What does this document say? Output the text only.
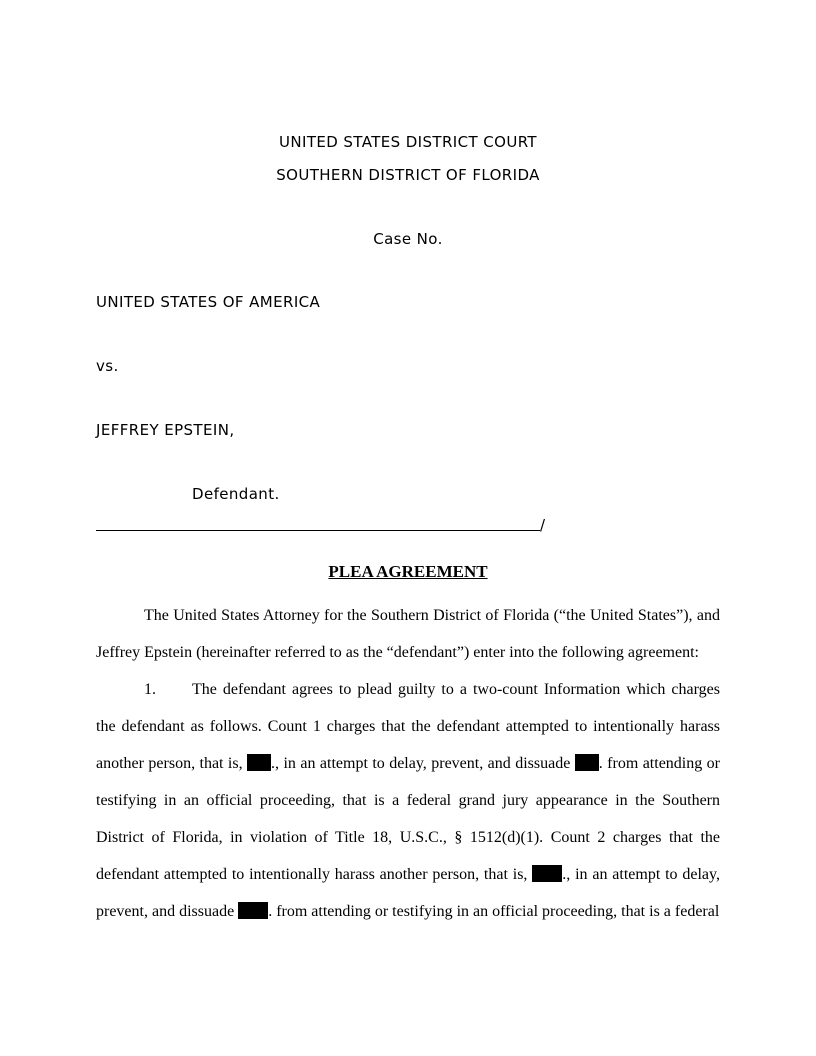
UNITED STATES DISTRICT COURT
SOUTHERN DISTRICT OF FLORIDA
Case No.
UNITED STATES OF AMERICA
vs.
JEFFREY EPSTEIN,
Defendant.
/
PLEA AGREEMENT

The United States Attorney for the Southern District of Florida (“the United States”), and Jeffrey Epstein (hereinafter referred to as the “defendant”) enter into the following agreement:

1. The defendant agrees to plead guilty to a two-count Information which charges the defendant as follows. Count 1 charges that the defendant attempted to intentionally harass another person, that is, ., in an attempt to delay, prevent, and dissuade . from attending or testifying in an official proceeding, that is a federal grand jury appearance in the Southern District of Florida, in violation of Title 18, U.S.C., § 1512(d)(1). Count 2 charges that the defendant attempted to intentionally harass another person, that is, ., in an attempt to delay, prevent, and dissuade . from attending or testifying in an official proceeding, that is a federal
